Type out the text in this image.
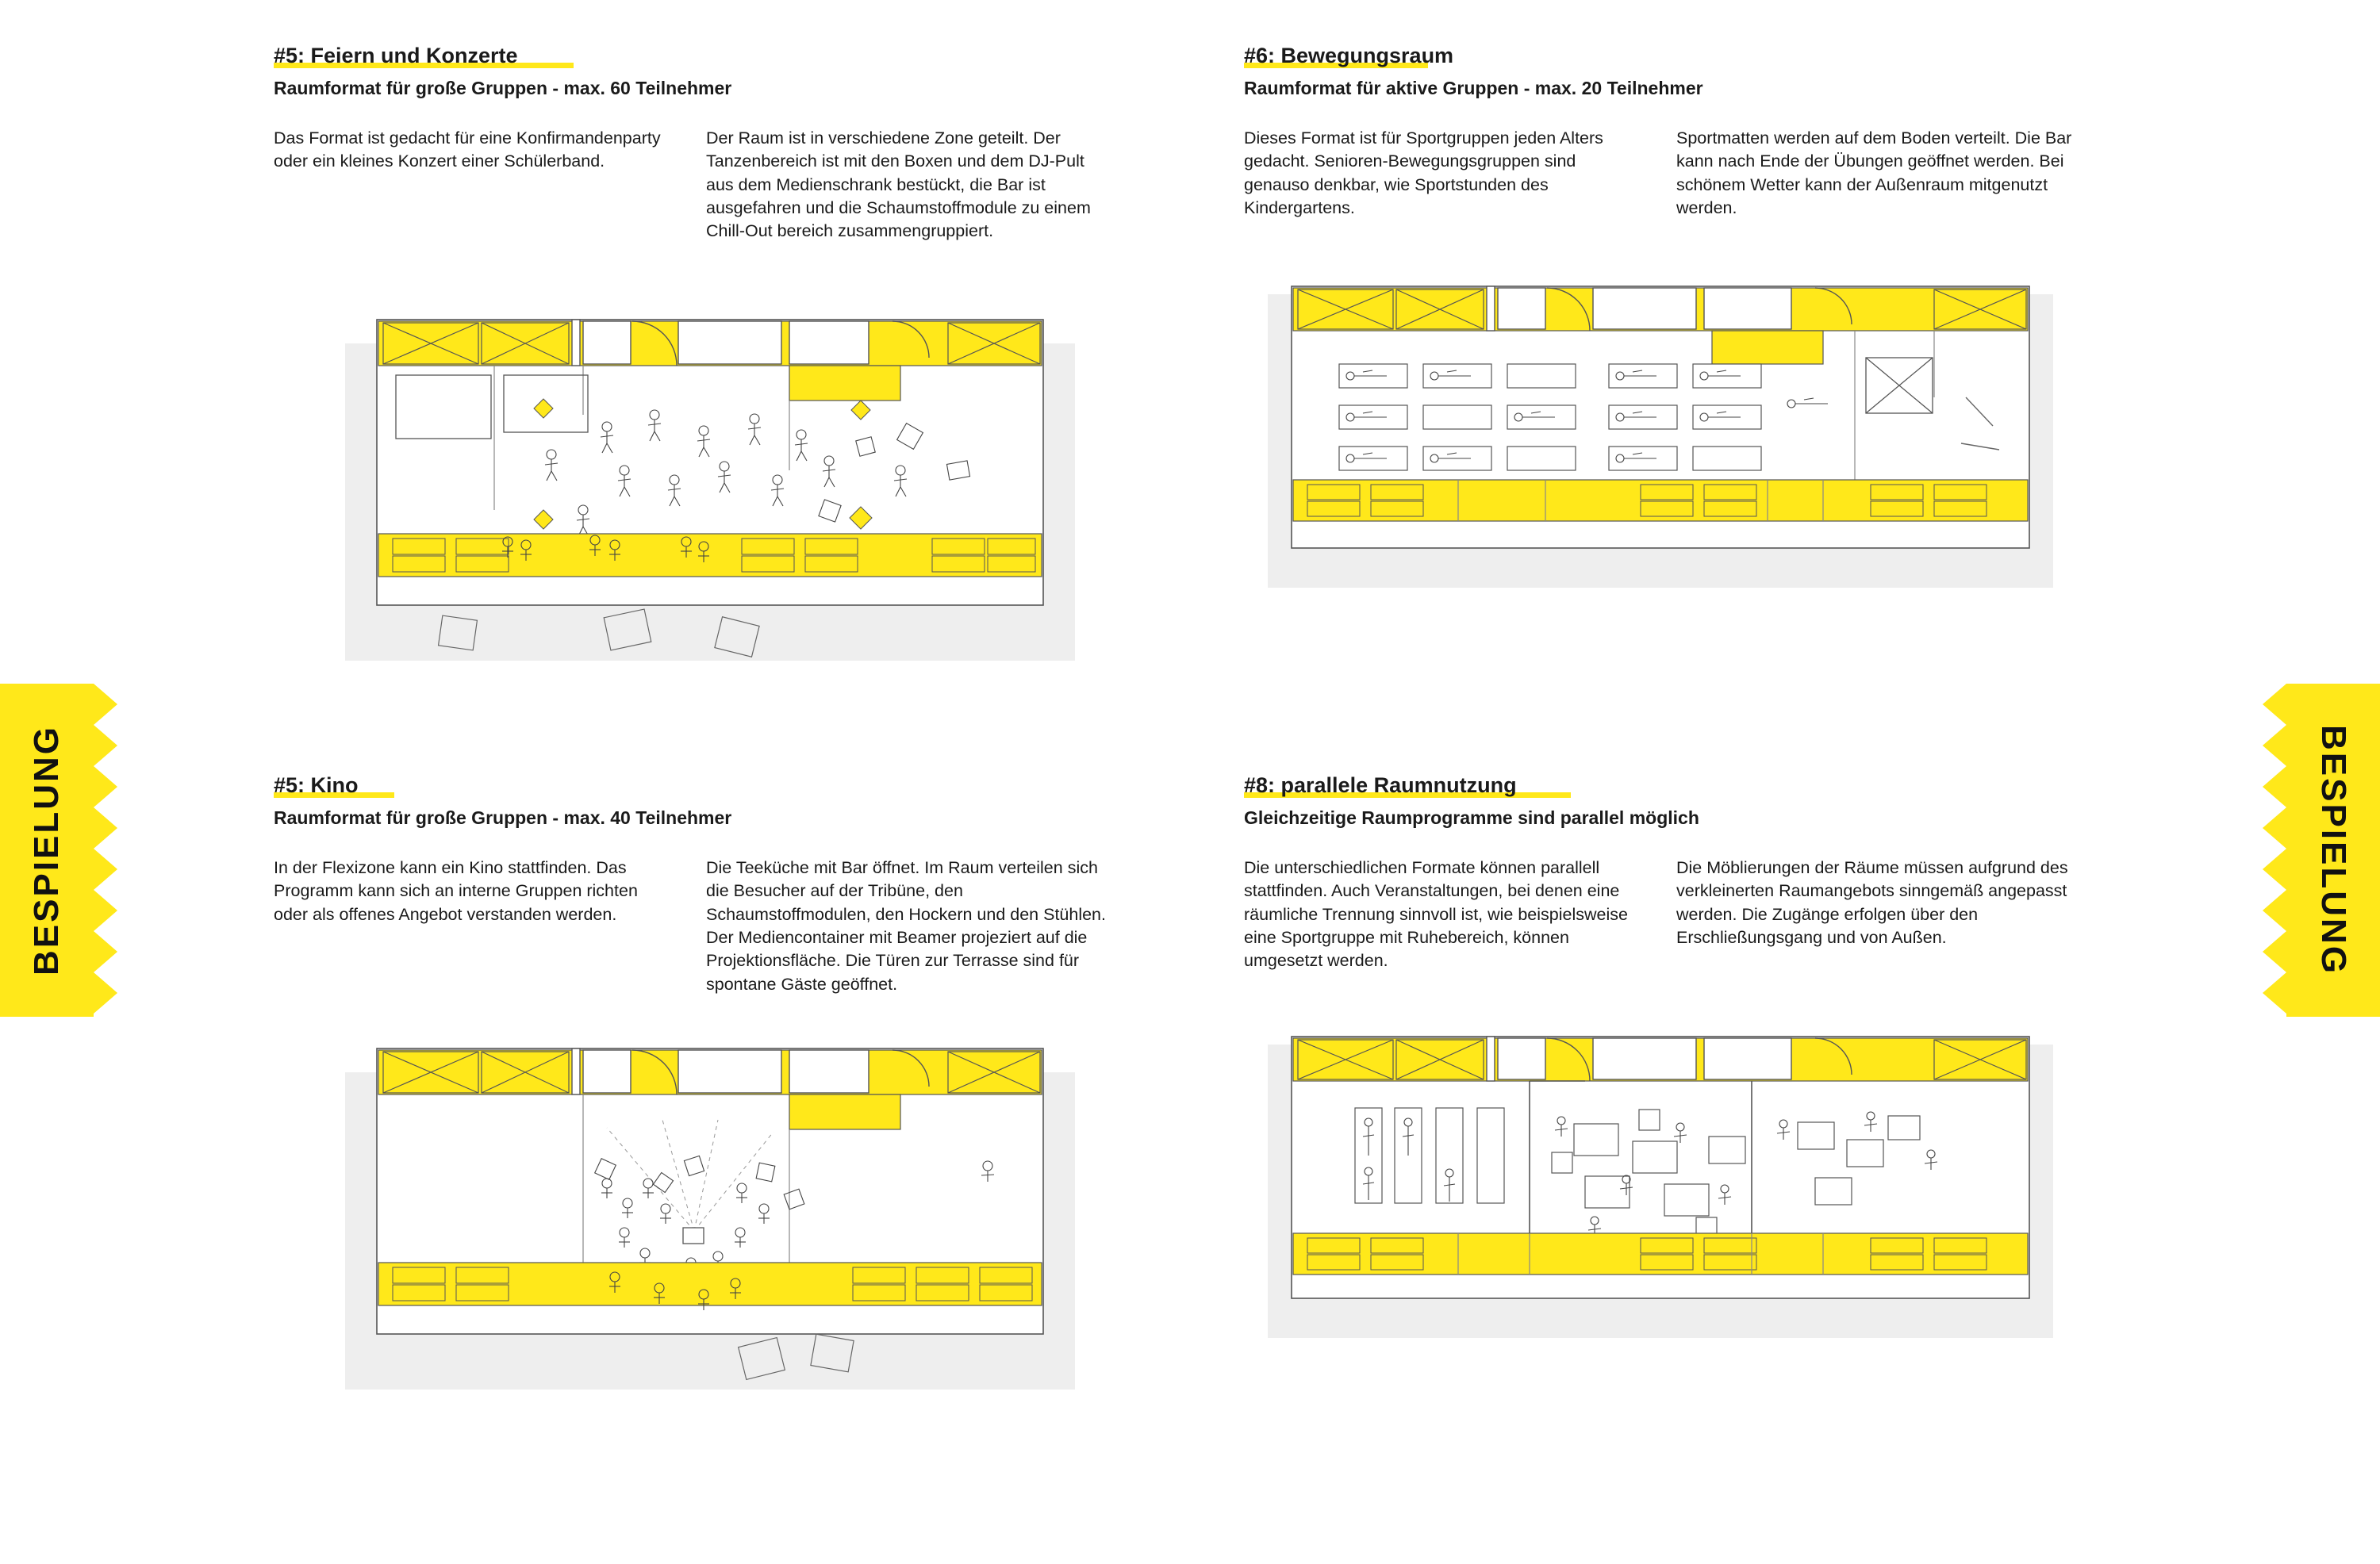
BESPIELUNG	BESPIELUNG
#5: Feiern und Konzerte
Raumformat für große Gruppen - max. 60 Teilnehmer

Das Format ist gedacht für eine Konfirmandenparty oder ein kleines Konzert einer Schülerband.

Der Raum ist in verschiedene Zone geteilt. Der Tanzenbereich ist mit den Boxen und dem DJ-Pult aus dem Medienschrank bestückt, die Bar ist ausgefahren und die Schaumstoffmodule zu einem Chill-Out bereich zusammengruppiert.

#5: Kino
Raumformat für große Gruppen - max. 40 Teilnehmer

In der Flexizone kann ein Kino stattfinden. Das Programm kann sich an interne Gruppen richten oder als offenes Angebot verstanden werden.

Die Teeküche mit Bar öffnet. Im Raum verteilen sich die Besucher auf der Tribüne, den Schaumstoffmodulen, den Hockern und den Stühlen. Der Mediencontainer mit Beamer projeziert auf die Projektionsfläche. Die Türen zur Terrasse sind für spontane Gäste geöffnet.

#6: Bewegungsraum
Raumformat für aktive Gruppen - max. 20 Teilnehmer

Dieses Format ist für Sportgruppen jeden Alters gedacht. Senioren-Bewegungsgruppen sind genauso denkbar, wie Sportstunden des Kindergartens.

Sportmatten werden auf dem Boden verteilt. Die Bar kann nach Ende der Übungen geöffnet werden. Bei schönem Wetter kann der Außenraum mitgenutzt werden.

#8: parallele Raumnutzung
Gleichzeitige Raumprogramme sind parallel möglich

Die unterschiedlichen Formate können parallell stattfinden. Auch Veranstaltungen, bei denen eine räumliche Trennung sinnvoll ist, wie beispielsweise eine Sportgruppe mit Ruhebereich, können umgesetzt werden.

Die Möblierungen der Räume müssen aufgrund des verkleinerten Raumangebots sinngemäß angepasst werden. Die Zugänge erfolgen über den Erschließungsgang und von Außen.
